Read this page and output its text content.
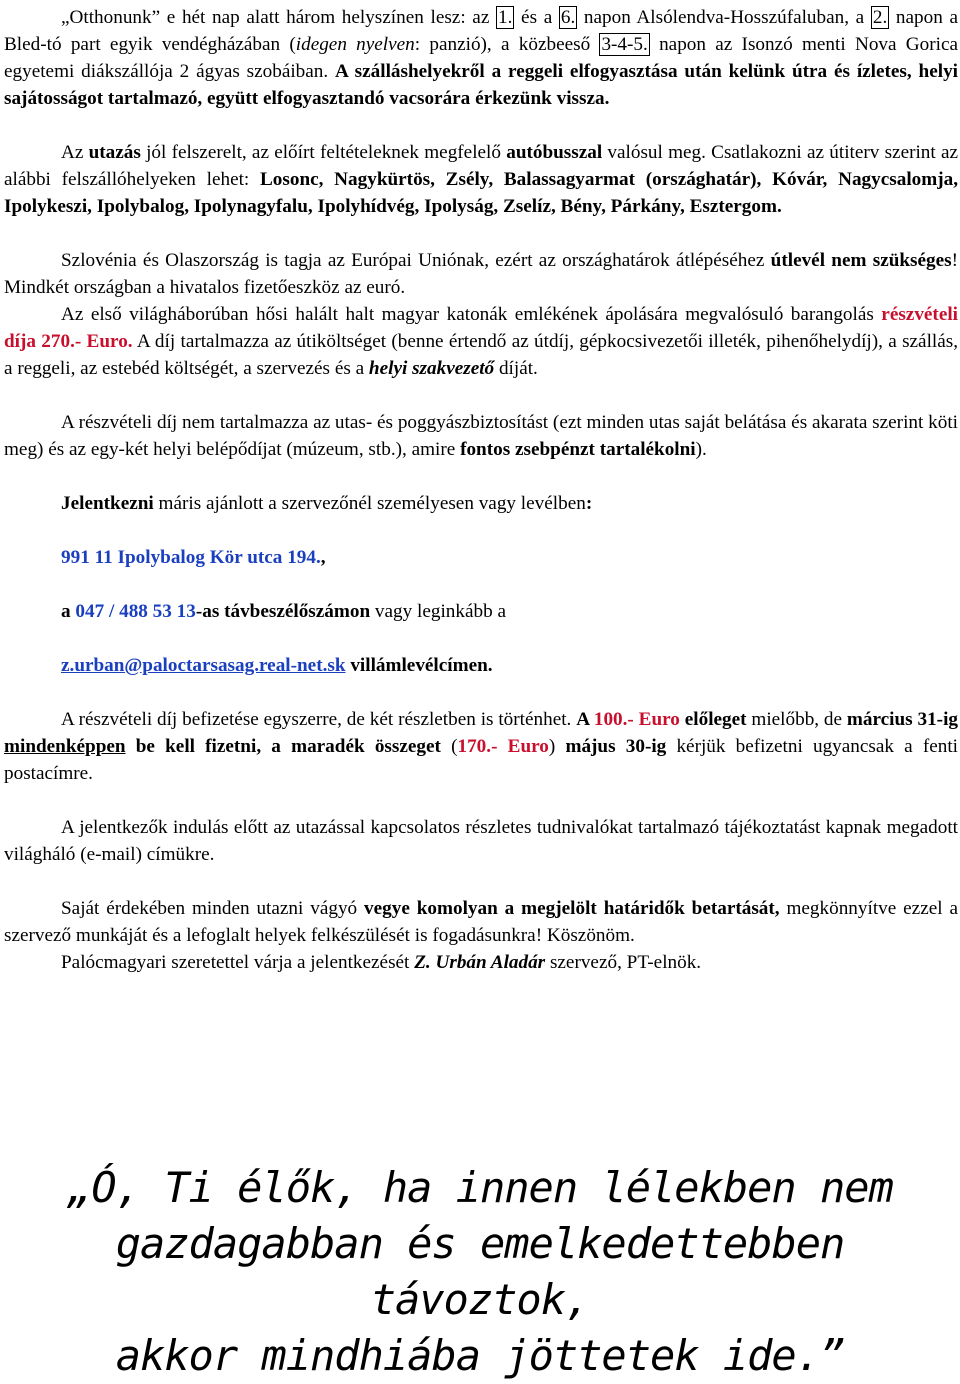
„Otthonunk” e hét nap alatt három helyszínen lesz: az 1. és a 6. napon Alsólendva-Hosszúfaluban, a 2. napon a Bled-tó part egyik vendégházában (idegen nyelven: panzió), a közbeeső 3-4-5. napon az Isonzó menti Nova Gorica egyetemi diákszállója 2 ágyas szobáiban. A szálláshelyekről a reggeli elfogyasztása után kelünk útra és ízletes, helyi sajátosságot tartalmazó, együtt elfogyasztandó vacsorára érkezünk vissza.

Az utazás jól felszerelt, az előírt feltételeknek megfelelő autóbusszal valósul meg. Csatlakozni az útiterv szerint az alábbi felszállóhelyeken lehet: Losonc, Nagykürtös, Zsély, Balassagyarmat (országhatár), Kóvár, Nagycsalomja, Ipolykeszi, Ipolybalog, Ipolynagyfalu, Ipolyhídvég, Ipolyság, Zselíz, Bény, Párkány, Esztergom.

Szlovénia és Olaszország is tagja az Európai Uniónak, ezért az országhatárok átlépéséhez útlevél nem szükséges! Mindkét országban a hivatalos fizetőeszköz az euró.

Az első világháborúban hősi halált halt magyar katonák emlékének ápolására megvalósuló barangolás részvételi díja 270.- Euro. A díj tartalmazza az útiköltséget (benne értendő az útdíj, gépkocsivezetői illeték, pihenőhelydíj), a szállás, a reggeli, az estebéd költségét, a szervezés és a helyi szakvezető díját.

A részvételi díj nem tartalmazza az utas- és poggyászbiztosítást (ezt minden utas saját belátása és akarata szerint köti meg) és az egy-két helyi belépődíjat (múzeum, stb.), amire fontos zsebpénzt tartalékolni).

Jelentkezni máris ajánlott a szervezőnél személyesen vagy levélben:

991 11 Ipolybalog Kör utca 194.,

a 047 / 488 53 13-as távbeszélőszámon vagy leginkább a

z.urban@paloctarsasag.real-net.sk villámlevélcímen.

A részvételi díj befizetése egyszerre, de két részletben is történhet. A 100.- Euro előleget mielőbb, de március 31-ig mindenképpen be kell fizetni, a maradék összeget (170.- Euro) május 30-ig kérjük befizetni ugyancsak a fenti postacímre.

A jelentkezők indulás előtt az utazással kapcsolatos részletes tudnivalókat tartalmazó tájékoztatást kapnak megadott világháló (e-mail) címükre.

Saját érdekében minden utazni vágyó vegye komolyan a megjelölt határidők betartását, megkönnyítve ezzel a szervező munkáját és a lefoglalt helyek felkészülését is fogadásunkra! Köszönöm.

Palócmagyari szeretettel várja a jelentkezését Z. Urbán Aladár szervező, PT-elnök.

„Ó, Ti élők, ha innen lélekben nem
gazdagabban és emelkedettebben távoztok,
akkor mindhiába jöttetek ide.”
